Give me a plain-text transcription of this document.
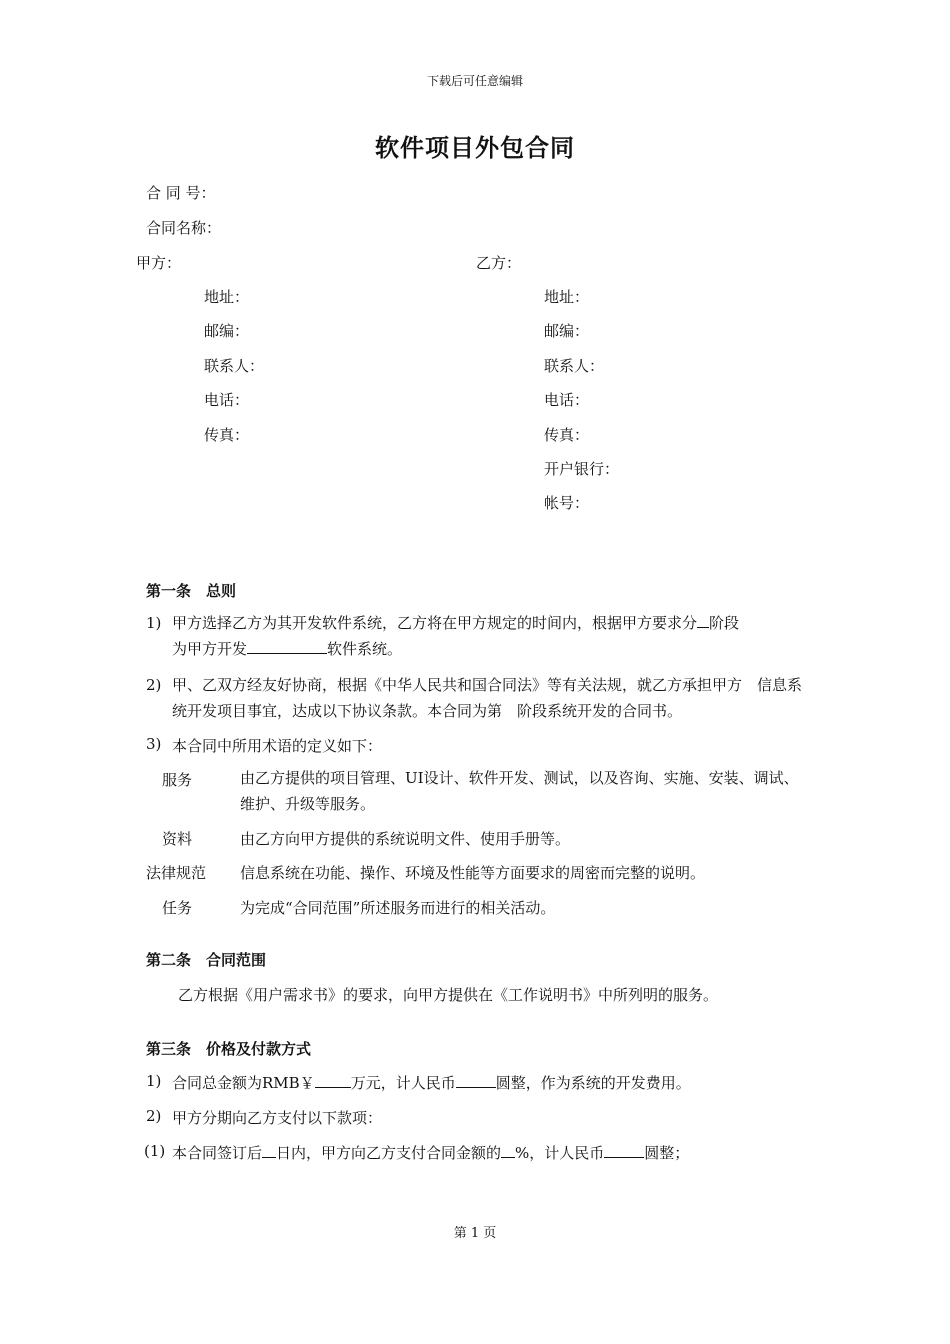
下载后可任意编辑
软件项目外包合同
合 同 号：
合同名称：
甲方：
地址：
邮编：
联系人：
电话：
传真：
乙方：
地址：
邮编：
联系人：
电话：
传真：
开户银行：
帐号：
第一条　总则
1) 甲方选择乙方为其开发软件系统，乙方将在甲方规定的时间内，根据甲方要求分 阶段
为甲方开发	软件系统。
2) 甲、乙双方经友好协商，根据《中华人民共和国合同法》等有关法规，就乙方承担甲方　信息系统开发项目事宜，达成以下协议条款。本合同为第　阶段系统开发的合同书。
3) 本合同中所用术语的定义如下：
服务	由乙方提供的项目管理、UI设计、软件开发、测试，以及咨询、实施、安装、调试、维护、升级等服务。
资料	由乙方向甲方提供的系统说明文件、使用手册等。
法律规范 信息系统在功能、操作、环境及性能等方面要求的周密而完整的说明。
任务	为完成“合同范围”所述服务而进行的相关活动。
第二条　合同范围
乙方根据《用户需求书》的要求，向甲方提供在《工作说明书》中所列明的服务。
第三条　价格及付款方式
1) 合同总金额为RMB￥ 万元，计人民币	圆整，作为系统的开发费用。
2) 甲方分期向乙方支付以下款项：
(1) 本合同签订后 日内，甲方向乙方支付合同金额的 %，计人民币	圆整；
第 1 页
